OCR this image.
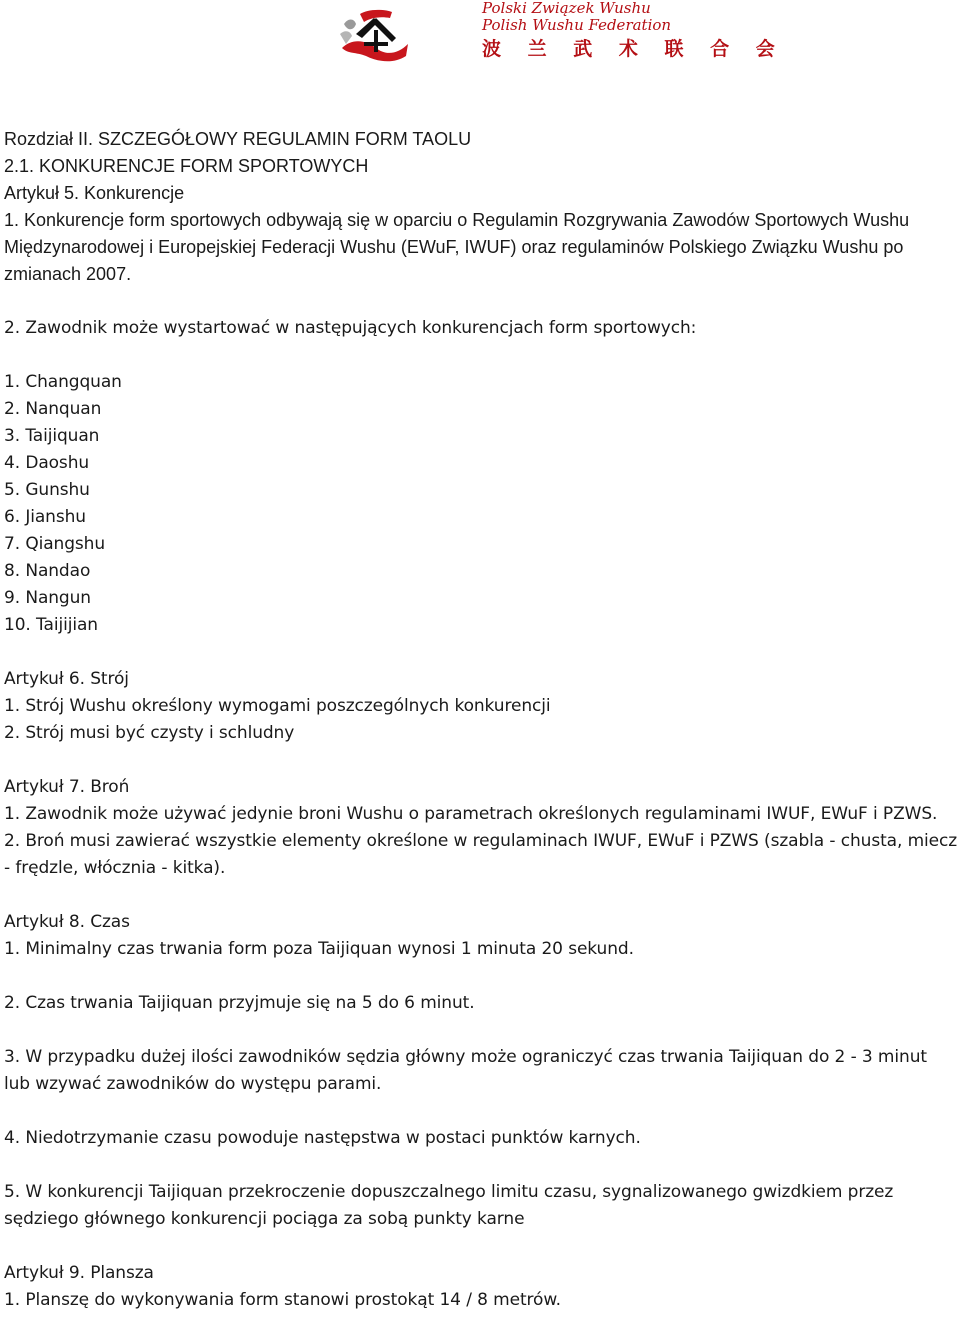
Polski Związek Wushu
Polish Wushu Federation
波 兰 武 术 联 合 会
Rozdział II. SZCZEGÓŁOWY REGULAMIN FORM TAOLU
2.1. KONKURENCJE FORM SPORTOWYCH
Artykuł 5. Konkurencje
1. Konkurencje form sportowych odbywają się w oparciu o Regulamin Rozgrywania Zawodów Sportowych Wushu Międzynarodowej i Europejskiej Federacji Wushu (EWuF, IWUF) oraz regulaminów Polskiego Związku Wushu po zmianach 2007.
2. Zawodnik może wystartować w następujących konkurencjach form sportowych:
1. Changquan
2. Nanquan
3. Taijiquan
4. Daoshu
5. Gunshu
6. Jianshu
7. Qiangshu
8. Nandao
9. Nangun
10. Taijijian
Artykuł 6. Strój
1. Strój Wushu określony wymogami poszczególnych konkurencji
2. Strój musi być czysty i schludny
Artykuł 7. Broń
1. Zawodnik może używać jedynie broni Wushu o parametrach określonych regulaminami IWUF, EWuF i PZWS.
2. Broń musi zawierać wszystkie elementy określone w regulaminach IWUF, EWuF i PZWS (szabla - chusta, miecz - frędzle, włócznia - kitka).
Artykuł 8. Czas
1. Minimalny czas trwania form poza Taijiquan wynosi 1 minuta 20 sekund.
2. Czas trwania Taijiquan przyjmuje się na 5 do 6 minut.
3. W przypadku dużej ilości zawodników sędzia główny może ograniczyć czas trwania Taijiquan do 2 - 3 minut lub wzywać zawodników do występu parami.
4. Niedotrzymanie czasu powoduje następstwa w postaci punktów karnych.
5. W konkurencji Taijiquan przekroczenie dopuszczalnego limitu czasu, sygnalizowanego gwizdkiem przez sędziego głównego konkurencji pociąga za sobą punkty karne
Artykuł 9. Plansza
1. Planszę do wykonywania form stanowi prostokąt 14 / 8 metrów.
